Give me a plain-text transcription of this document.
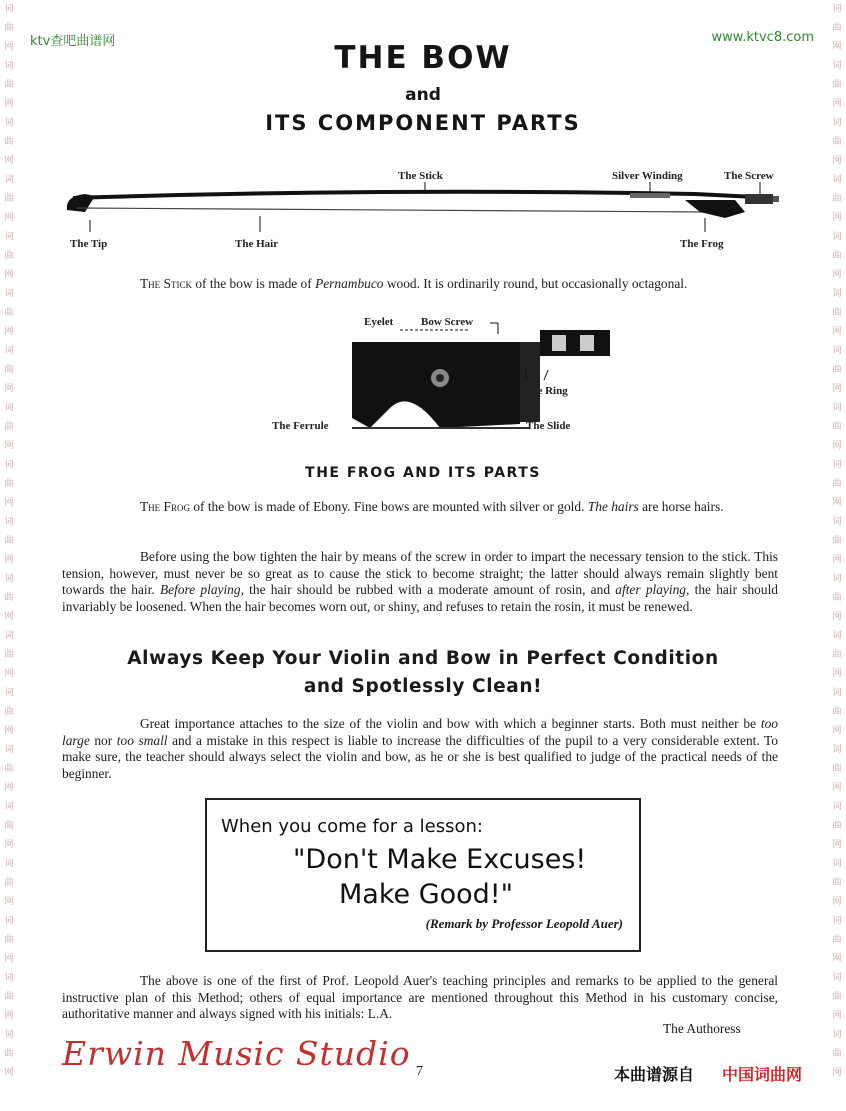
词
曲
网
词
曲
网
词
曲
网
词
曲
网
词
曲
网
词
曲
网
词
曲
网
词
曲
网
词
曲
网
词
曲
网
词
曲
网
词
曲
网
词
曲
网
词
曲
网
词
曲
网
词
曲
网
词
曲
网
词
曲
网
词
曲
网
词
曲
网
词
曲
网
词
曲
网
词
曲
网
词
曲
网
词
曲
网
词
曲
网
词
曲
网
词
曲
网
词
曲
网
词
曲
网
词
曲
网
词
曲
网
词
曲
网
词
曲
网
词
曲
网
词
曲
网
词
曲
网
词
曲
网
ktv查吧曲谱网	www.ktvc8.com
THE BOW
and
ITS COMPONENT PARTS
The Stick	Silver Winding	The Screw
The Tip	The Hair	The Frog
The Stick of the bow is made of Pernambuco wood. It is ordinarily round, but occasionally octagonal.
Eyelet	Bow Screw
The Ring
The Ferrule	The Slide
THE FROG AND ITS PARTS
The Frog of the bow is made of Ebony. Fine bows are mounted with silver or gold. The hairs are horse hairs.
Before using the bow tighten the hair by means of the screw in order to impart the necessary tension to the stick. This tension, however, must never be so great as to cause the stick to become straight; the latter should always remain slightly bent towards the hair. Before playing, the hair should be rubbed with a moderate amount of rosin, and after playing, the hair should invariably be loosened. When the hair becomes worn out, or shiny, and refuses to retain the rosin, it must be renewed.
Always Keep Your Violin and Bow in Perfect Condition
and Spotlessly Clean!
Great importance attaches to the size of the violin and bow with which a beginner starts. Both must neither be too large nor too small and a mistake in this respect is liable to increase the difficulties of the pupil to a very considerable extent. To make sure, the teacher should always select the violin and bow, as he or she is best qualified to judge of the practical needs of the beginner.
When you come for a lesson:
"Don't Make Excuses!
Make Good!"
(Remark by Professor Leopold Auer)
The above is one of the first of Prof. Leopold Auer's teaching principles and remarks to be applied to the general instructive plan of this Method; others of equal importance are mentioned throughout this Method in his customary concise, authoritative manner and always signed with his initials: L.A.
The Authoress
Erwin Music Studio 7	本曲谱源自 中国词曲网
